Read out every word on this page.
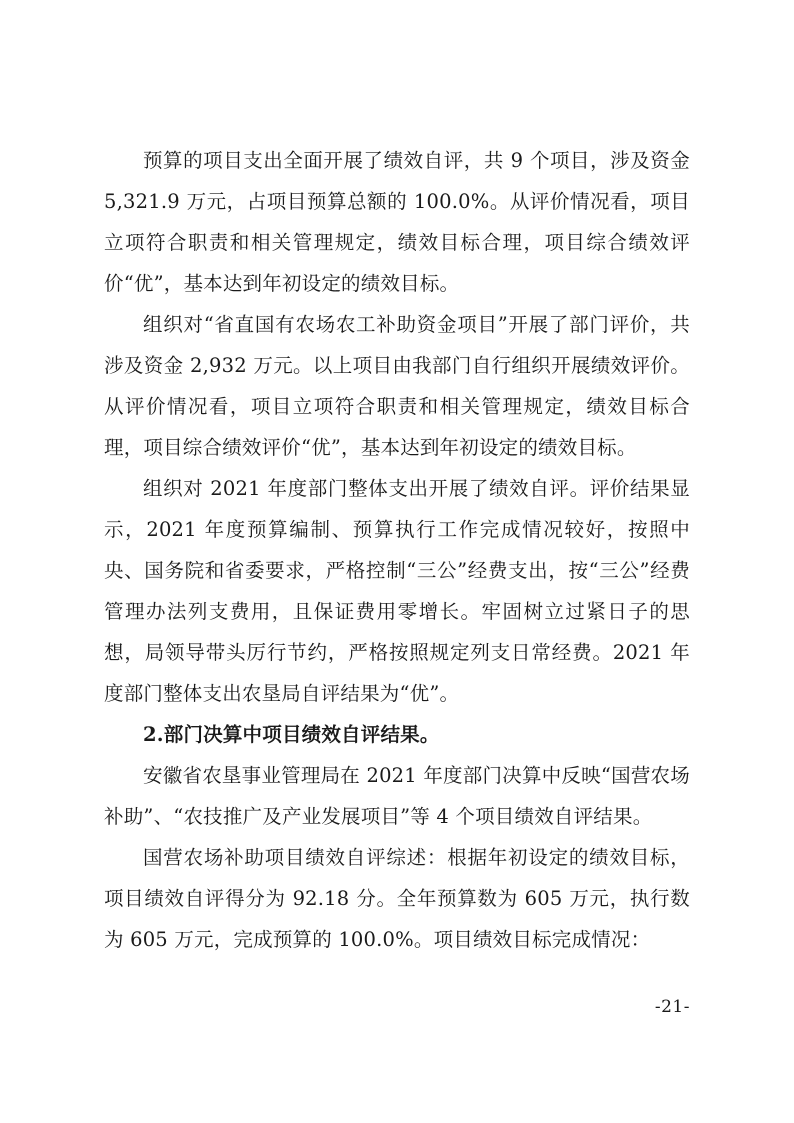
预算的项目支出全面开展了绩效自评，共 9 个项目，涉及资金 5,321.9 万元，占项目预算总额的 100.0%。从评价情况看，项目立项符合职责和相关管理规定，绩效目标合理，项目综合绩效评价“优”，基本达到年初设定的绩效目标。

组织对“省直国有农场农工补助资金项目”开展了部门评价，共涉及资金 2,932 万元。以上项目由我部门自行组织开展绩效评价。从评价情况看，项目立项符合职责和相关管理规定，绩效目标合理，项目综合绩效评价“优”，基本达到年初设定的绩效目标。

组织对 2021 年度部门整体支出开展了绩效自评。评价结果显示，2021 年度预算编制、预算执行工作完成情况较好，按照中央、国务院和省委要求，严格控制“三公”经费支出，按“三公”经费管理办法列支费用，且保证费用零增长。牢固树立过紧日子的思想，局领导带头厉行节约，严格按照规定列支日常经费。2021 年度部门整体支出农垦局自评结果为“优”。

2.部门决算中项目绩效自评结果。

安徽省农垦事业管理局在 2021 年度部门决算中反映“国营农场补助”、“农技推广及产业发展项目”等 4 个项目绩效自评结果。

国营农场补助项目绩效自评综述：根据年初设定的绩效目标，项目绩效自评得分为 92.18 分。全年预算数为 605 万元，执行数为 605 万元，完成预算的 100.0%。项目绩效目标完成情况：

-21-
